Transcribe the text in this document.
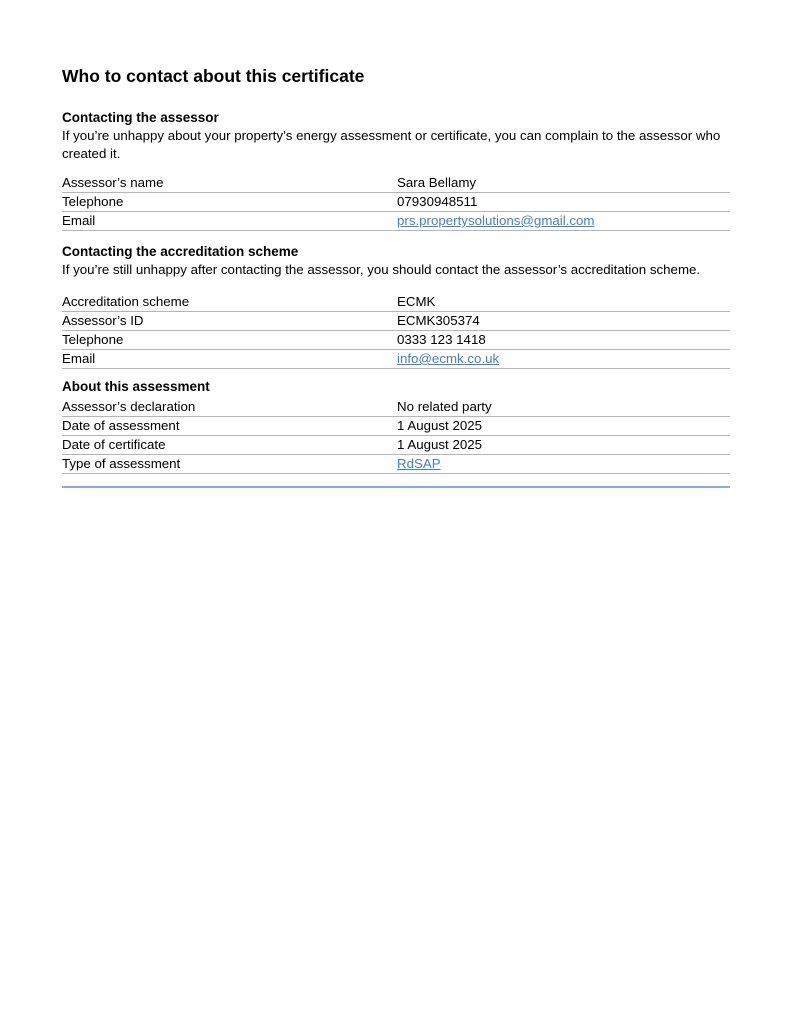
Who to contact about this certificate
Contacting the assessor

If you’re unhappy about your property’s energy assessment or certificate, you can complain to the assessor who created it.

Assessor’s name	Sara Bellamy
Telephone	07930948511
Email	prs.propertysolutions@gmail.com
Contacting the accreditation scheme

If you’re still unhappy after contacting the assessor, you should contact the assessor’s accreditation scheme.

Accreditation scheme	ECMK
Assessor’s ID	ECMK305374
Telephone	0333 123 1418
Email	info@ecmk.co.uk
About this assessment
Assessor’s declaration	No related party
Date of assessment	1 August 2025
Date of certificate	1 August 2025
Type of assessment	RdSAP
